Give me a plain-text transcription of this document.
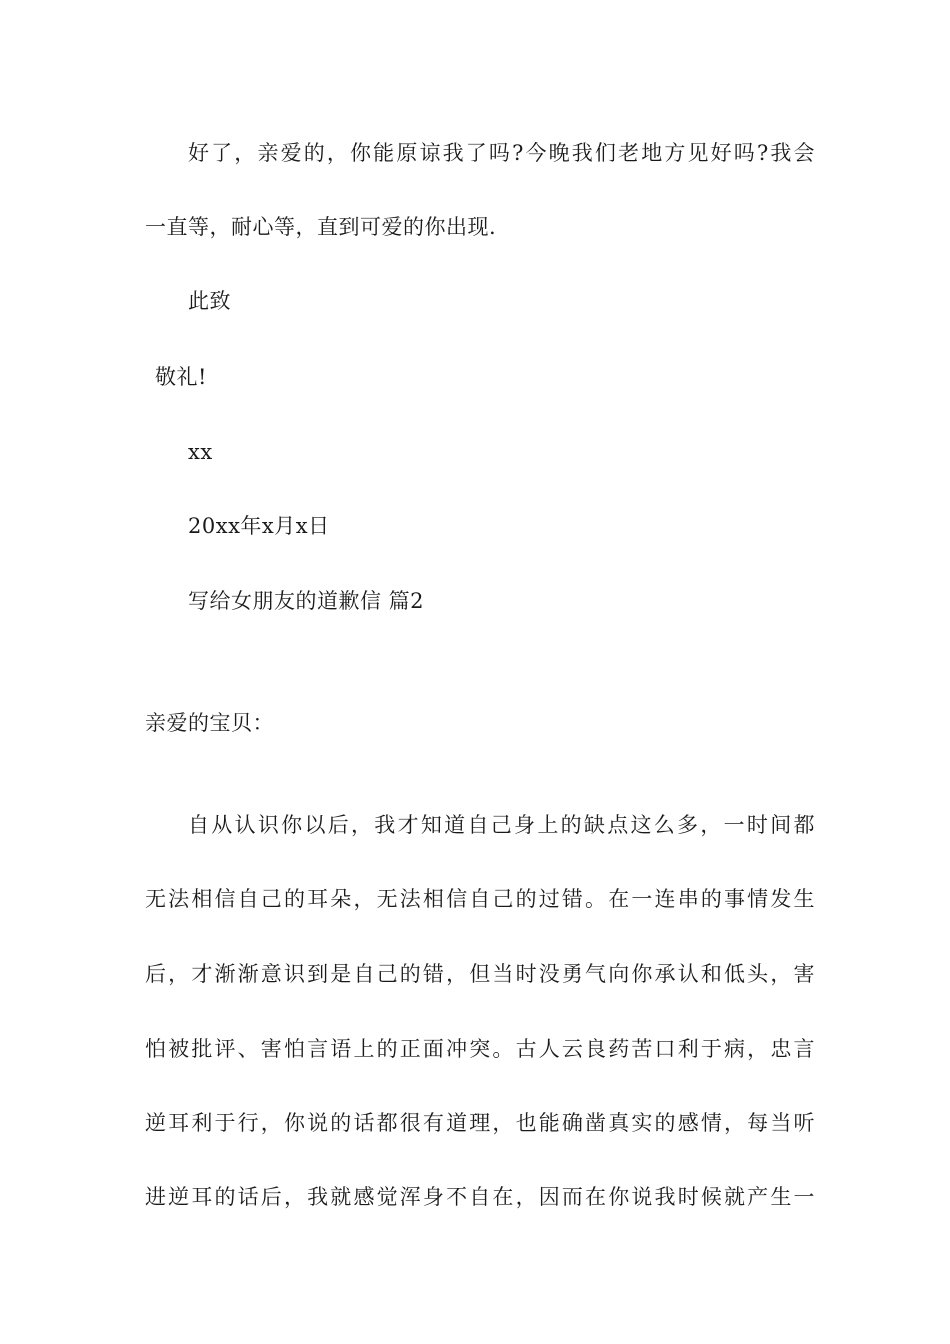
好了，亲爱的，你能原谅我了吗?今晚我们老地方见好吗?我会
一直等，耐心等，直到可爱的你出现.
此致
敬礼!
xx
20xx年x月x日
写给女朋友的道歉信 篇2
亲爱的宝贝：
自从认识你以后，我才知道自己身上的缺点这么多，一时间都
无法相信自己的耳朵，无法相信自己的过错。在一连串的事情发生
后，才渐渐意识到是自己的错，但当时没勇气向你承认和低头，害
怕被批评、害怕言语上的正面冲突。古人云良药苦口利于病，忠言
逆耳利于行，你说的话都很有道理，也能确凿真实的感情，每当听
进逆耳的话后，我就感觉浑身不自在，因而在你说我时候就产生一
